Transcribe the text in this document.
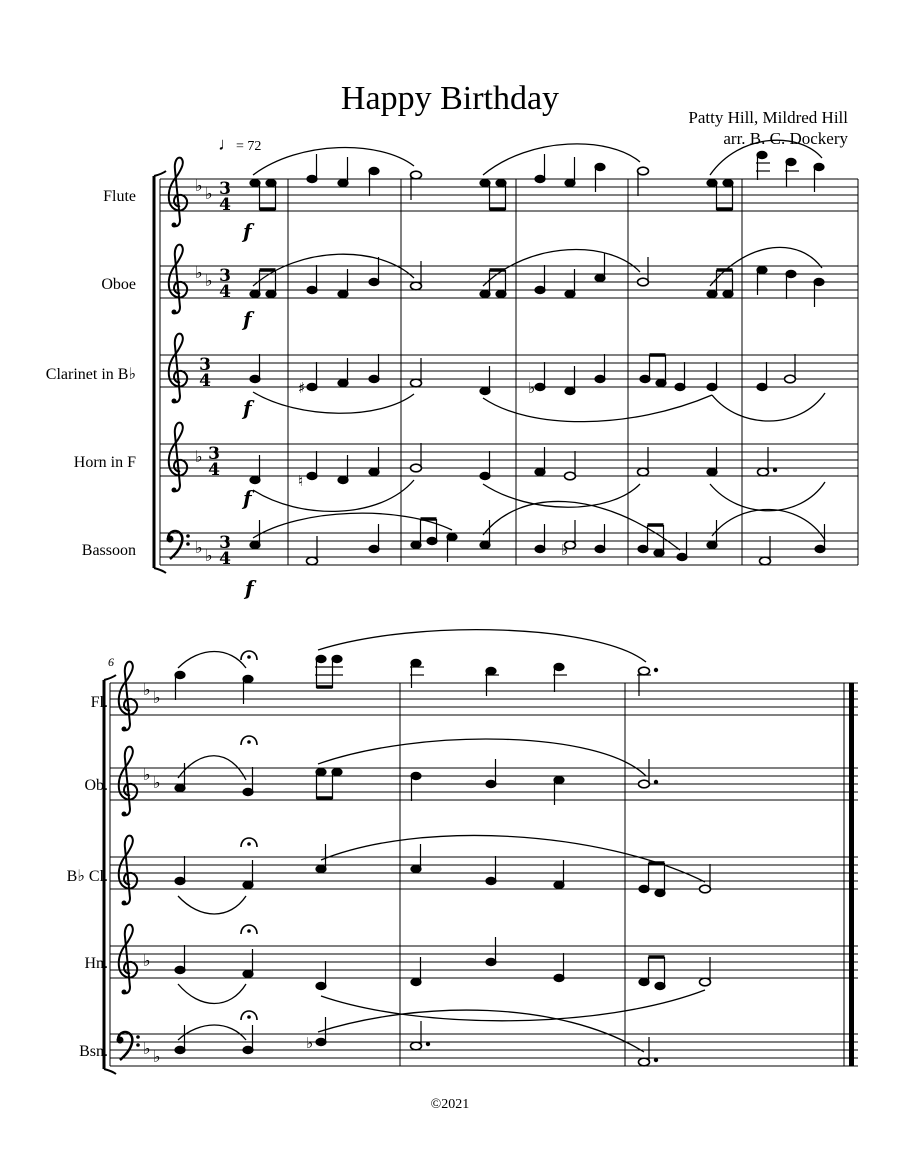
Happy Birthday
Patty Hill, Mildred Hill
arr. B. C. Dockery
♩= 72
Flute
Oboe
Clarinet in B♭
Horn in F
Bassoon
Fl.
Ob.
B♭ Cl.
Hn.
Bsn.
6
©2021
♭ ♭
♭ ♭
♭
♭ ♭
3
4
3
4
3
4
3
4
3
4
f
f
f
f
f
♯	♭
♮
♭
♭ ♭
♭ ♭
♭
♭ ♭
♭
